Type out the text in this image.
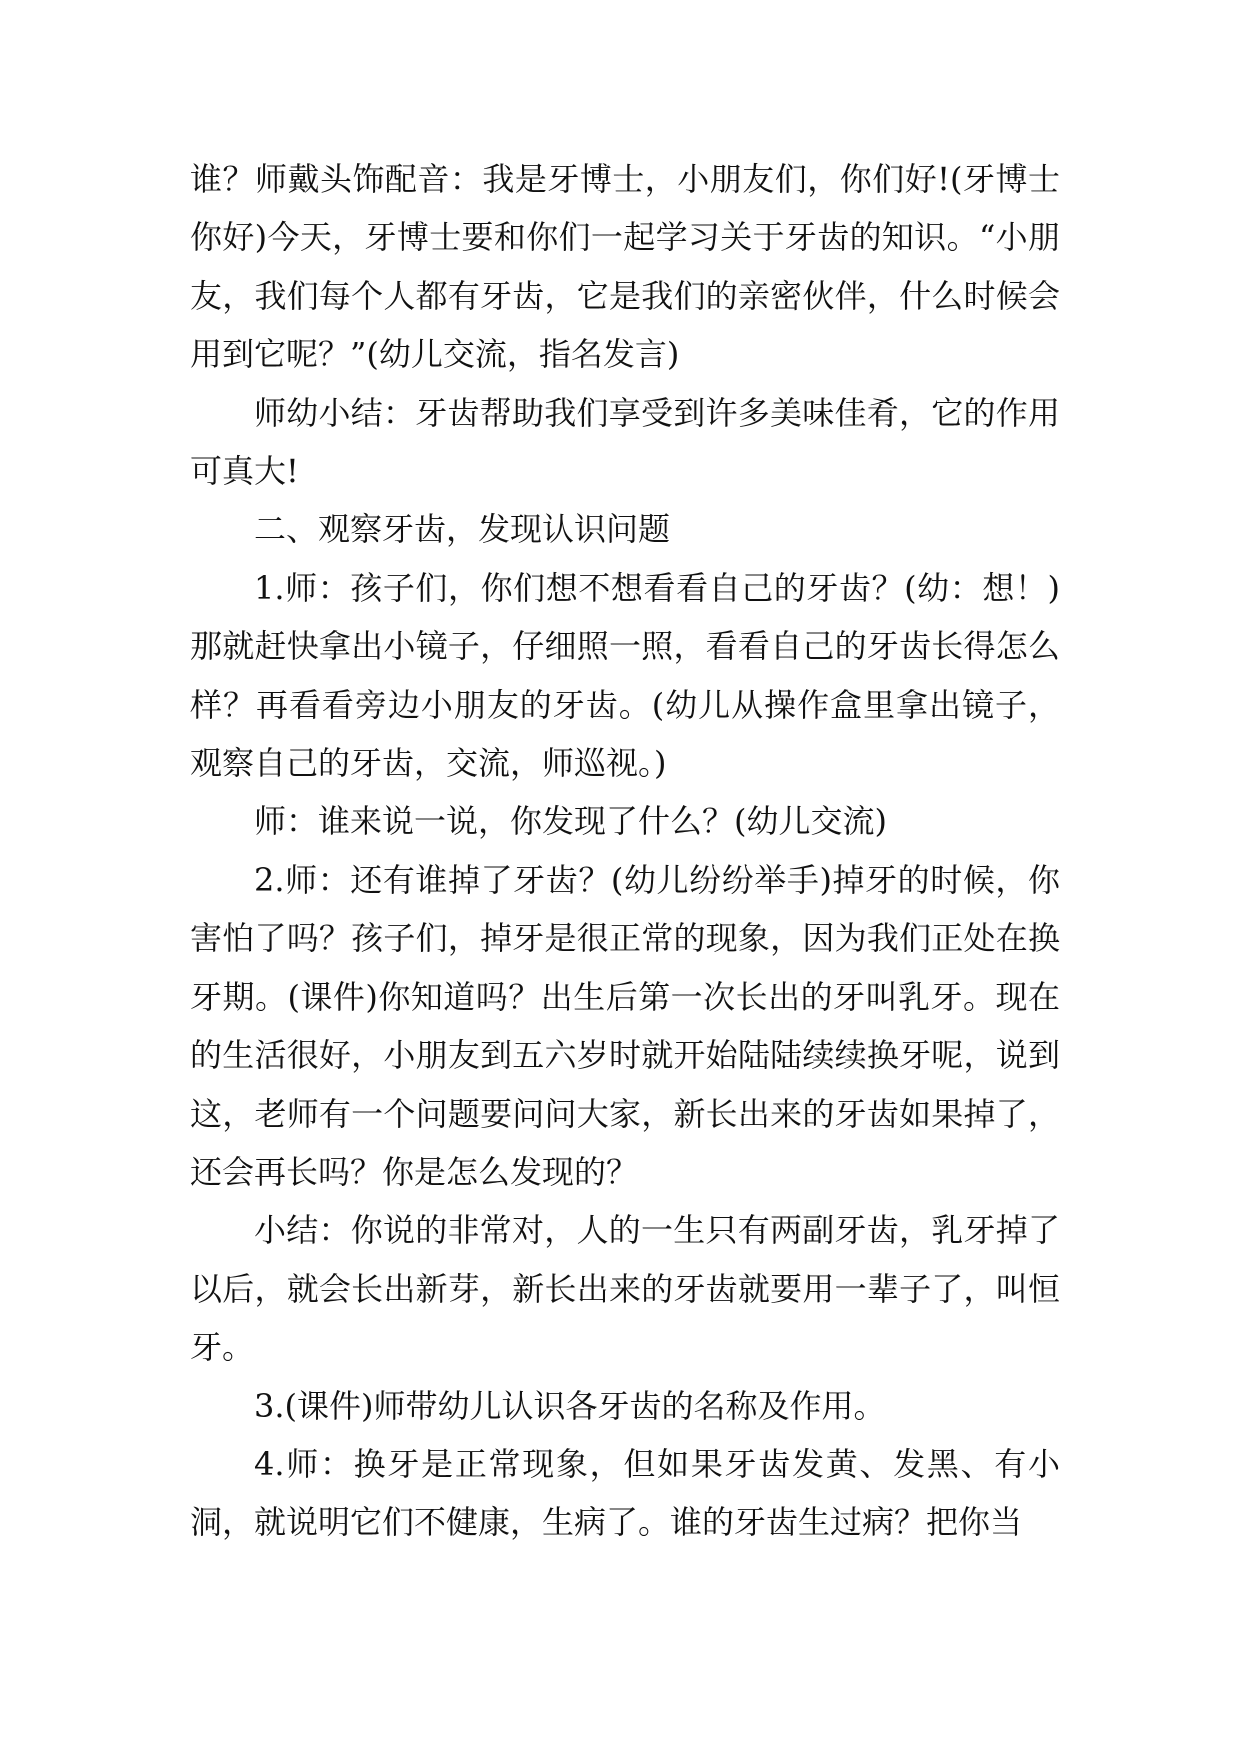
谁？师戴头饰配音：我是牙博士，小朋友们，你们好!(牙博士你好)今天，牙博士要和你们一起学习关于牙齿的知识。“小朋友，我们每个人都有牙齿，它是我们的亲密伙伴，什么时候会用到它呢？”(幼儿交流，指名发言)

师幼小结：牙齿帮助我们享受到许多美味佳肴，它的作用可真大!

二、观察牙齿，发现认识问题

1.师：孩子们，你们想不想看看自己的牙齿？(幼：想！)那就赶快拿出小镜子，仔细照一照，看看自己的牙齿长得怎么样？再看看旁边小朋友的牙齿。(幼儿从操作盒里拿出镜子，观察自己的牙齿，交流，师巡视。)

师：谁来说一说，你发现了什么？(幼儿交流)

2.师：还有谁掉了牙齿？(幼儿纷纷举手)掉牙的时候，你害怕了吗？孩子们，掉牙是很正常的现象，因为我们正处在换牙期。(课件)你知道吗？出生后第一次长出的牙叫乳牙。现在的生活很好，小朋友到五六岁时就开始陆陆续续换牙呢，说到这，老师有一个问题要问问大家，新长出来的牙齿如果掉了，还会再长吗？你是怎么发现的？

小结：你说的非常对，人的一生只有两副牙齿，乳牙掉了以后，就会长出新芽，新长出来的牙齿就要用一辈子了，叫恒牙。

3.(课件)师带幼儿认识各牙齿的名称及作用。

4.师：换牙是正常现象，但如果牙齿发黄、发黑、有小洞，就说明它们不健康，生病了。谁的牙齿生过病？把你当
